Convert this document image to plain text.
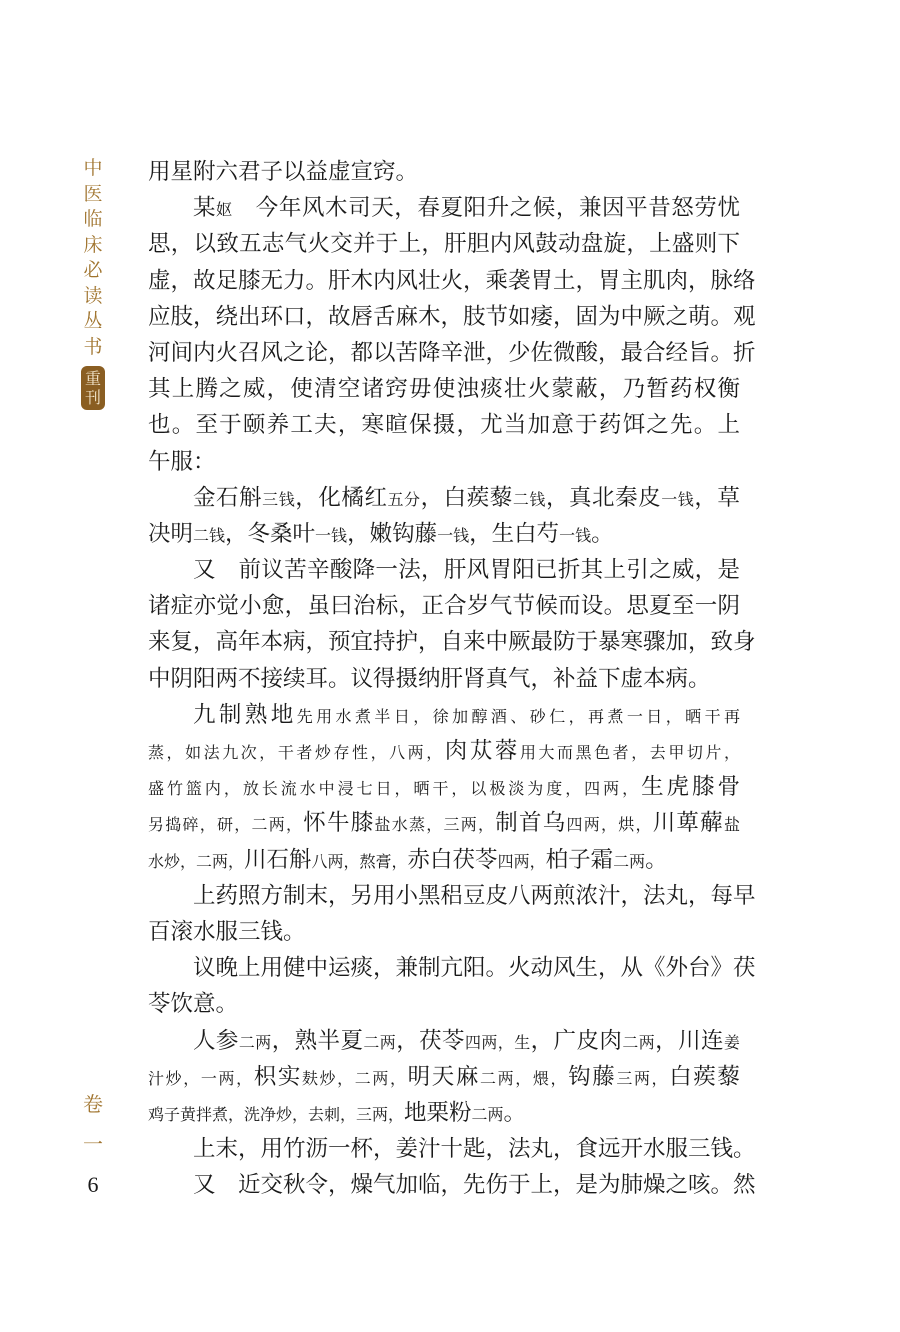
中
医
临
床
必
读
丛
书
重
刊
卷
一
6
用星附六君子以益虚宣窍。
某妪　今年风木司天，春夏阳升之候，兼因平昔怒劳忧
思，以致五志气火交并于上，肝胆内风鼓动盘旋，上盛则下
虚，故足膝无力。肝木内风壮火，乘袭胃土，胃主肌肉，脉络
应肢，绕出环口，故唇舌麻木，肢节如痿，固为中厥之萌。观
河间内火召风之论，都以苦降辛泄，少佐微酸，最合经旨。折
其上腾之威，使清空诸窍毋使浊痰壮火蒙蔽，乃暂药权衡
也。至于颐养工夫，寒暄保摄，尤当加意于药饵之先。上
午服：
金石斛三钱，化橘红五分，白蒺藜二钱，真北秦皮一钱，草
决明二钱，冬桑叶一钱，嫩钩藤一钱，生白芍一钱。
又　前议苦辛酸降一法，肝风胃阳已折其上引之威，是
诸症亦觉小愈，虽曰治标，正合岁气节候而设。思夏至一阴
来复，高年本病，预宜持护，自来中厥最防于暴寒骤加，致身
中阴阳两不接续耳。议得摄纳肝肾真气，补益下虚本病。
九制熟地先用水煮半日，徐加醇酒、砂仁，再煮一日，晒干再
蒸，如法九次，干者炒存性，八两，肉苁蓉用大而黑色者，去甲切片，
盛竹篮内，放长流水中浸七日，晒干，以极淡为度，四两，生虎膝骨
另捣碎，研，二两，怀牛膝盐水蒸，三两，制首乌四两，烘，川萆薢盐
水炒，二两，川石斛八两，熬膏，赤白茯苓四两，柏子霜二两。
上药照方制末，另用小黑稆豆皮八两煎浓汁，法丸，每早
百滚水服三钱。
议晚上用健中运痰，兼制亢阳。火动风生，从《外台》茯
苓饮意。
人参二两，熟半夏二两，茯苓四两，生，广皮肉二两，川连姜
汁炒，一两，枳实麸炒，二两，明天麻二两，煨，钩藤三两，白蒺藜
鸡子黄拌煮，洗净炒，去刺，三两，地栗粉二两。
上末，用竹沥一杯，姜汁十匙，法丸，食远开水服三钱。
又　近交秋令，燥气加临，先伤于上，是为肺燥之咳。然
